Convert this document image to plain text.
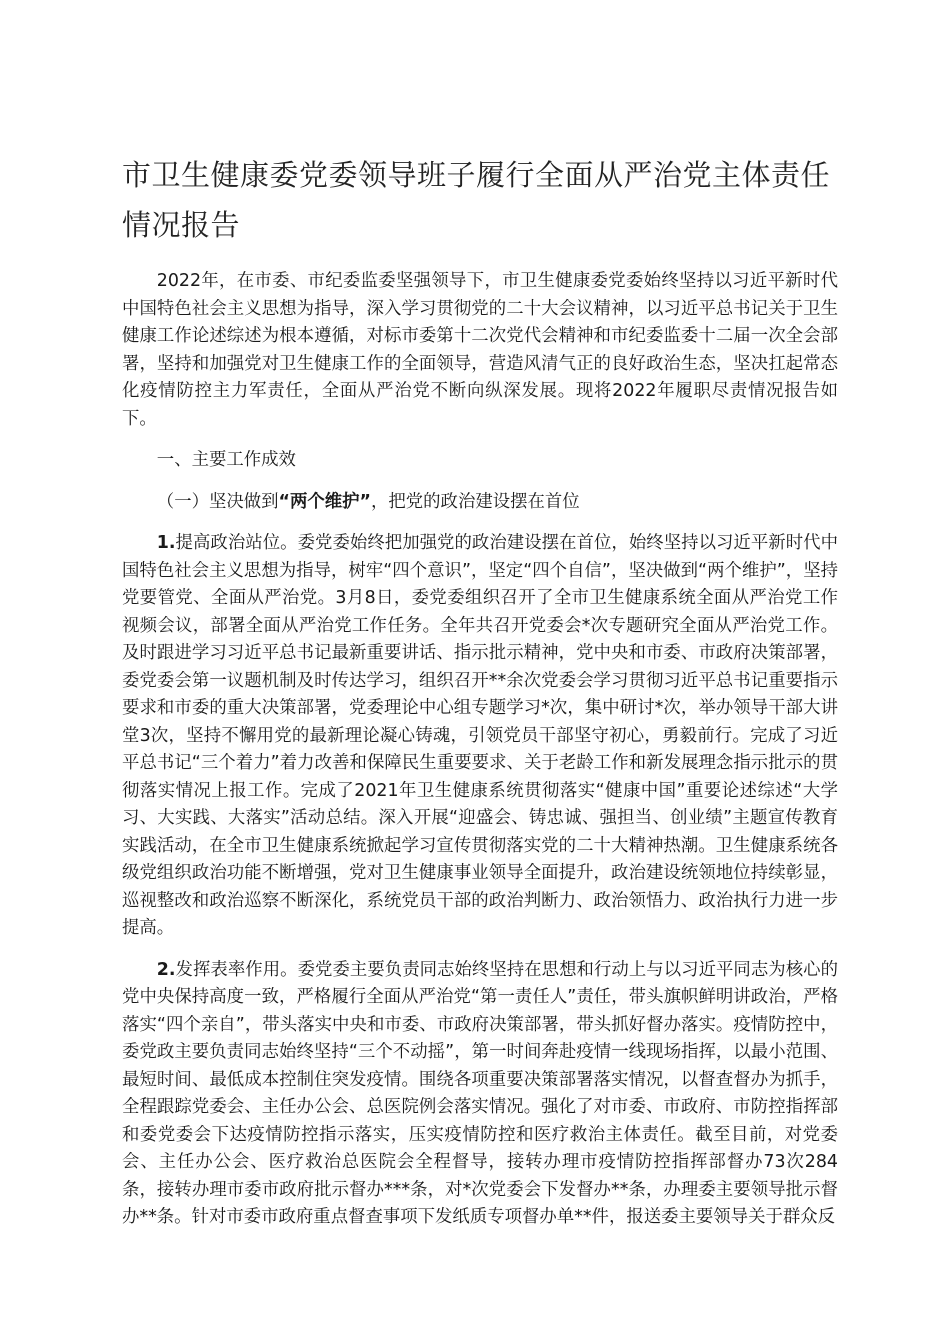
市卫生健康委党委领导班子履行全面从严治党主体责任情况报告

2022年，在市委、市纪委监委坚强领导下，市卫生健康委党委始终坚持以习近平新时代中国特色社会主义思想为指导，深入学习贯彻党的二十大会议精神，以习近平总书记关于卫生健康工作论述综述为根本遵循，对标市委第十二次党代会精神和市纪委监委十二届一次全会部署，坚持和加强党对卫生健康工作的全面领导，营造风清气正的良好政治生态，坚决扛起常态化疫情防控主力军责任，全面从严治党不断向纵深发展。现将2022年履职尽责情况报告如下。

一、主要工作成效

（一）坚决做到“两个维护”，把党的政治建设摆在首位

1.提高政治站位。委党委始终把加强党的政治建设摆在首位，始终坚持以习近平新时代中国特色社会主义思想为指导，树牢“四个意识”，坚定“四个自信”，坚决做到“两个维护”，坚持党要管党、全面从严治党。3月8日，委党委组织召开了全市卫生健康系统全面从严治党工作视频会议，部署全面从严治党工作任务。全年共召开党委会*次专题研究全面从严治党工作。及时跟进学习习近平总书记最新重要讲话、指示批示精神，党中央和市委、市政府决策部署，委党委会第一议题机制及时传达学习，组织召开**余次党委会学习贯彻习近平总书记重要指示要求和市委的重大决策部署，党委理论中心组专题学习*次，集中研讨*次，举办领导干部大讲堂3次，坚持不懈用党的最新理论凝心铸魂，引领党员干部坚守初心，勇毅前行。完成了习近平总书记“三个着力”着力改善和保障民生重要要求、关于老龄工作和新发展理念指示批示的贯彻落实情况上报工作。完成了2021年卫生健康系统贯彻落实“健康中国”重要论述综述“大学习、大实践、大落实”活动总结。深入开展“迎盛会、铸忠诚、强担当、创业绩”主题宣传教育实践活动，在全市卫生健康系统掀起学习宣传贯彻落实党的二十大精神热潮。卫生健康系统各级党组织政治功能不断增强，党对卫生健康事业领导全面提升，政治建设统领地位持续彰显，巡视整改和政治巡察不断深化，系统党员干部的政治判断力、政治领悟力、政治执行力进一步提高。

2.发挥表率作用。委党委主要负责同志始终坚持在思想和行动上与以习近平同志为核心的党中央保持高度一致，严格履行全面从严治党“第一责任人”责任，带头旗帜鲜明讲政治，严格落实“四个亲自”，带头落实中央和市委、市政府决策部署，带头抓好督办落实。疫情防控中，委党政主要负责同志始终坚持“三个不动摇”，第一时间奔赴疫情一线现场指挥，以最小范围、最短时间、最低成本控制住突发疫情。围绕各项重要决策部署落实情况，以督查督办为抓手，全程跟踪党委会、主任办公会、总医院例会落实情况。强化了对市委、市政府、市防控指挥部和委党委会下达疫情防控指示落实，压实疫情防控和医疗救治主体责任。截至目前，对党委会、主任办公会、医疗救治总医院会全程督导，接转办理市疫情防控指挥部督办73次284条，接转办理市委市政府批示督办***条，对*次党委会下发督办**条，办理委主要领导批示督办**条。针对市委市政府重点督查事项下发纸质专项督办单**件，报送委主要领导关于群众反
